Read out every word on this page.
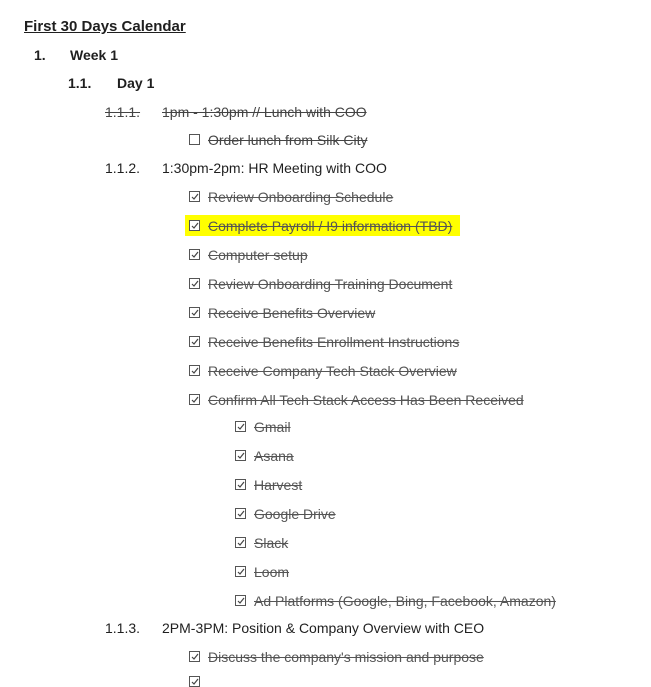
First 30 Days Calendar
1. Week 1
1.1. Day 1
1.1.1. 1pm - 1:30pm // Lunch with COO
Order lunch from Silk City
1.1.2. 1:30pm-2pm: HR Meeting with COO
1.1.3. 2PM-3PM: Position & Company Overview with CEO
Review Onboarding Schedule
Complete Payroll / I9 information (TBD)
Computer setup
Review Onboarding Training Document
Receive Benefits Overview
Receive Benefits Enrollment Instructions
Receive Company Tech Stack Overview
Confirm All Tech Stack Access Has Been Received
Gmail
Asana
Harvest
Google Drive
Slack
Loom
Ad Platforms (Google, Bing, Facebook, Amazon)
Discuss the company's mission and purpose
